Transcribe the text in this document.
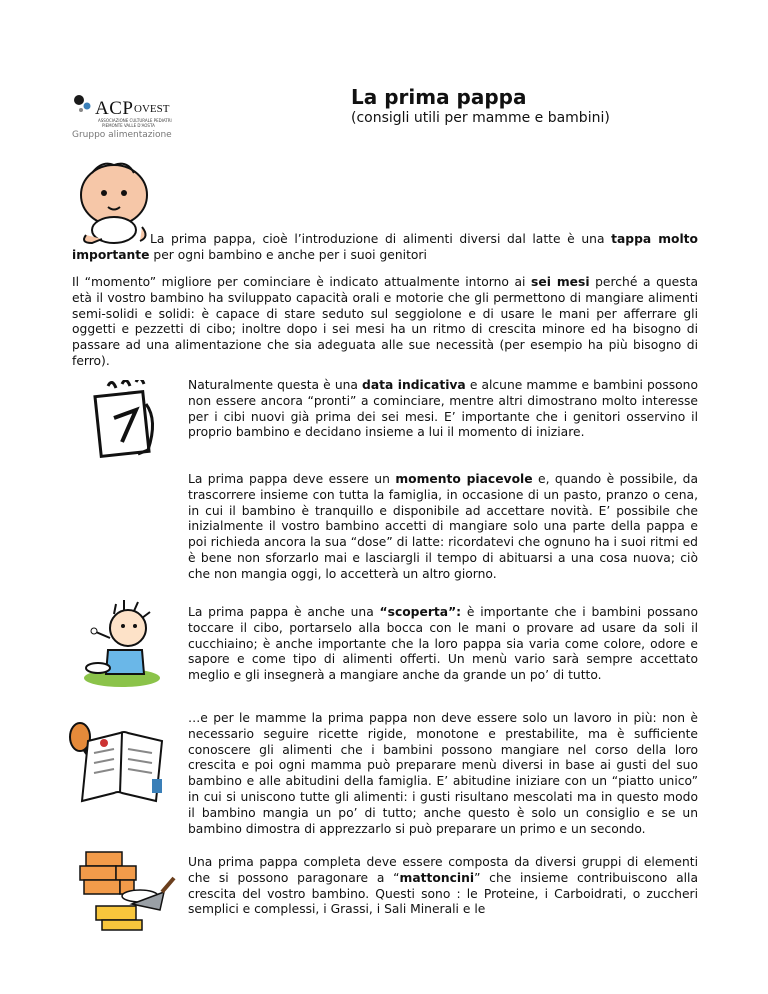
ACP OVEST
ASSOCIAZIONE CULTURALE PEDIATRI PIEMONTE VALLE D'AOSTA
Gruppo alimentazione
La prima pappa
(consigli utili per mamme e bambini)

La prima pappa, cioè l’introduzione di alimenti diversi dal latte è una tappa molto importante per ogni bambino e anche per i suoi genitori

Il “momento” migliore per cominciare è indicato attualmente intorno ai sei mesi perché a questa età il vostro bambino ha sviluppato capacità orali e motorie che gli permettono di mangiare alimenti semi-solidi e solidi: è capace di stare seduto sul seggiolone e di usare le mani per afferrare gli oggetti e pezzetti di cibo; inoltre dopo i sei mesi ha un ritmo di crescita minore ed ha bisogno di passare ad una alimentazione che sia adeguata alle sue necessità (per esempio ha più bisogno di ferro).

Naturalmente questa è una data indicativa e alcune mamme e bambini possono non essere ancora “pronti” a cominciare, mentre altri dimostrano molto interesse per i cibi nuovi già prima dei sei mesi. E’ importante che i genitori osservino il proprio bambino e decidano insieme a lui il momento di iniziare.

La prima pappa deve essere un momento piacevole e, quando è possibile, da trascorrere insieme con tutta la famiglia, in occasione di un pasto, pranzo o cena, in cui il bambino è tranquillo e disponibile ad accettare novità. E’ possibile che inizialmente il vostro bambino accetti di mangiare solo una parte della pappa e poi richieda ancora la sua “dose” di latte: ricordatevi che ognuno ha i suoi ritmi ed è bene non sforzarlo mai e lasciargli il tempo di abituarsi a una cosa nuova; ciò che non mangia oggi, lo accetterà un altro giorno.

La prima pappa è anche una “scoperta”: è importante che i bambini possano toccare il cibo, portarselo alla bocca con le mani o provare ad usare da soli il cucchiaino; è anche importante che la loro pappa sia varia come colore, odore e sapore e come tipo di alimenti offerti. Un menù vario sarà sempre accettato meglio e gli insegnerà a mangiare anche da grande un po’ di tutto.

…e per le mamme la prima pappa non deve essere solo un lavoro in più: non è necessario seguire ricette rigide, monotone e prestabilite, ma è sufficiente conoscere gli alimenti che i bambini possono mangiare nel corso della loro crescita e poi ogni mamma può preparare menù diversi in base ai gusti del suo bambino e alle abitudini della famiglia. E’ abitudine iniziare con un “piatto unico” in cui si uniscono tutte gli alimenti: i gusti risultano mescolati ma in questo modo il bambino mangia un po’ di tutto; anche questo è solo un consiglio e se un bambino dimostra di apprezzarlo si può preparare un primo e un secondo.

Una prima pappa completa deve essere composta da diversi gruppi di elementi che si possono paragonare a “mattoncini” che insieme contribuiscono alla crescita del vostro bambino. Questi sono : le Proteine, i Carboidrati, o zuccheri semplici e complessi, i Grassi, i Sali Minerali e le
